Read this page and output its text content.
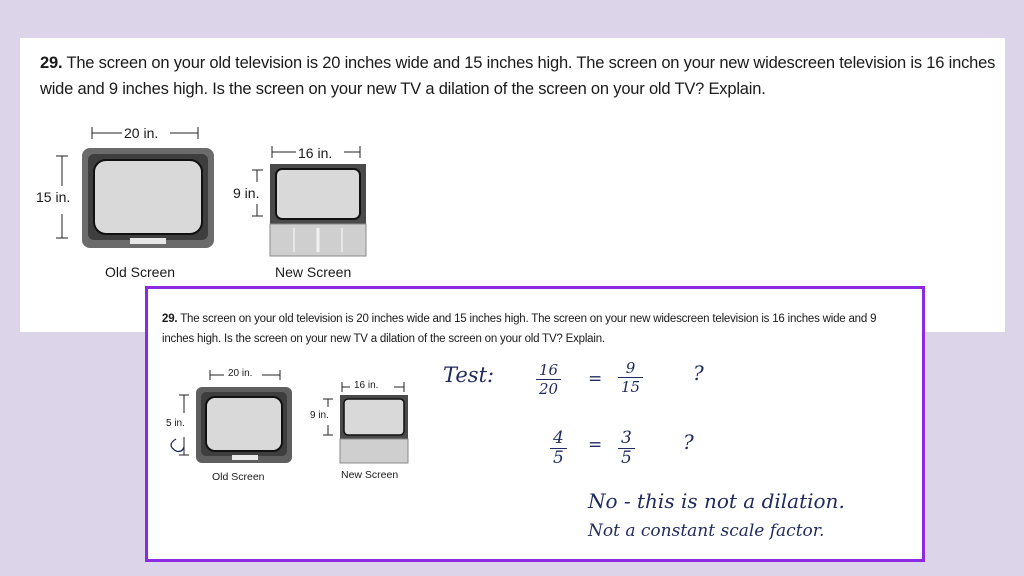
29. The screen on your old television is 20 inches wide and 15 inches high. The screen on your new widescreen television is 16 inches wide and 9 inches high. Is the screen on your new TV a dilation of the screen on your old TV? Explain.
20 in.
15 in.
Old Screen
16 in.
9 in.
New Screen
29. The screen on your old television is 20 inches wide and 15 inches high. The screen on your new widescreen television is 16 inches wide and 9 inches high. Is the screen on your new TV a dilation of the screen on your old TV? Explain.
20 in.
5 in.
Old Screen
16 in.
9 in.
New Screen
Test:	$\frac{16}{20} = \frac{9}{15}$ ?
$\frac{4}{5} = \frac{3}{5}$ ?
No - this is not a dilation.
Not a constant scale factor.
